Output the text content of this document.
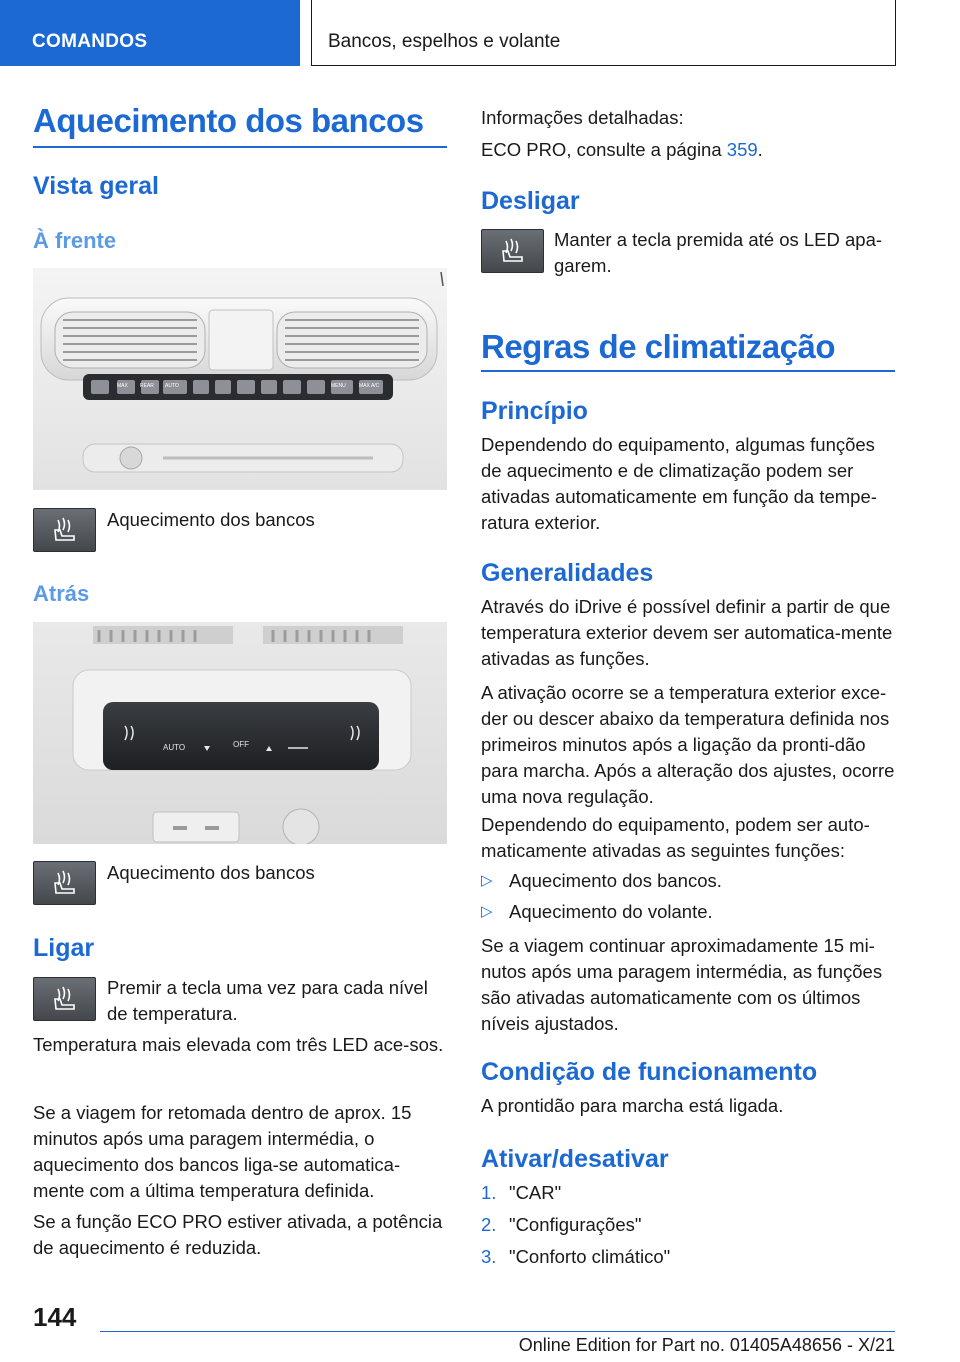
COMANDOS	Bancos, espelhos e volante
Aquecimento dos bancos
Vista geral
À frente
MAX REAR AUTO	MENU	MAX A/C
Aquecimento dos bancos
Atrás
AUTO	OFF
Aquecimento dos bancos
Ligar
Premir a tecla uma vez para cada nível de temperatura.
Temperatura mais elevada com três LED ace-sos.
Se a viagem for retomada dentro de aprox. 15 minutos após uma paragem intermédia, o aquecimento dos bancos liga-se automatica-mente com a última temperatura definida.
Se a função ECO PRO estiver ativada, a potência de aquecimento é reduzida.
Informações detalhadas:
ECO PRO, consulte a página 359.
Desligar
Manter a tecla premida até os LED apa-garem.
Regras de climatização
Princípio
Dependendo do equipamento, algumas funções de aquecimento e de climatização podem ser ativadas automaticamente em função da tempe-ratura exterior.
Generalidades
Através do iDrive é possível definir a partir de que temperatura exterior devem ser automatica-mente ativadas as funções.
A ativação ocorre se a temperatura exterior exce-der ou descer abaixo da temperatura definida nos primeiros minutos após a ligação da pronti-dão para marcha. Após a alteração dos ajustes, ocorre uma nova regulação.
Dependendo do equipamento, podem ser auto-maticamente ativadas as seguintes funções:
▷ Aquecimento dos bancos.
▷ Aquecimento do volante.
Se a viagem continuar aproximadamente 15 mi-nutos após uma paragem intermédia, as funções são ativadas automaticamente com os últimos níveis ajustados.
Condição de funcionamento
A prontidão para marcha está ligada.
Ativar/desativar
1. "CAR"
2. "Configurações"
3. "Conforto climático"
144
Online Edition for Part no. 01405A48656 - X/21
